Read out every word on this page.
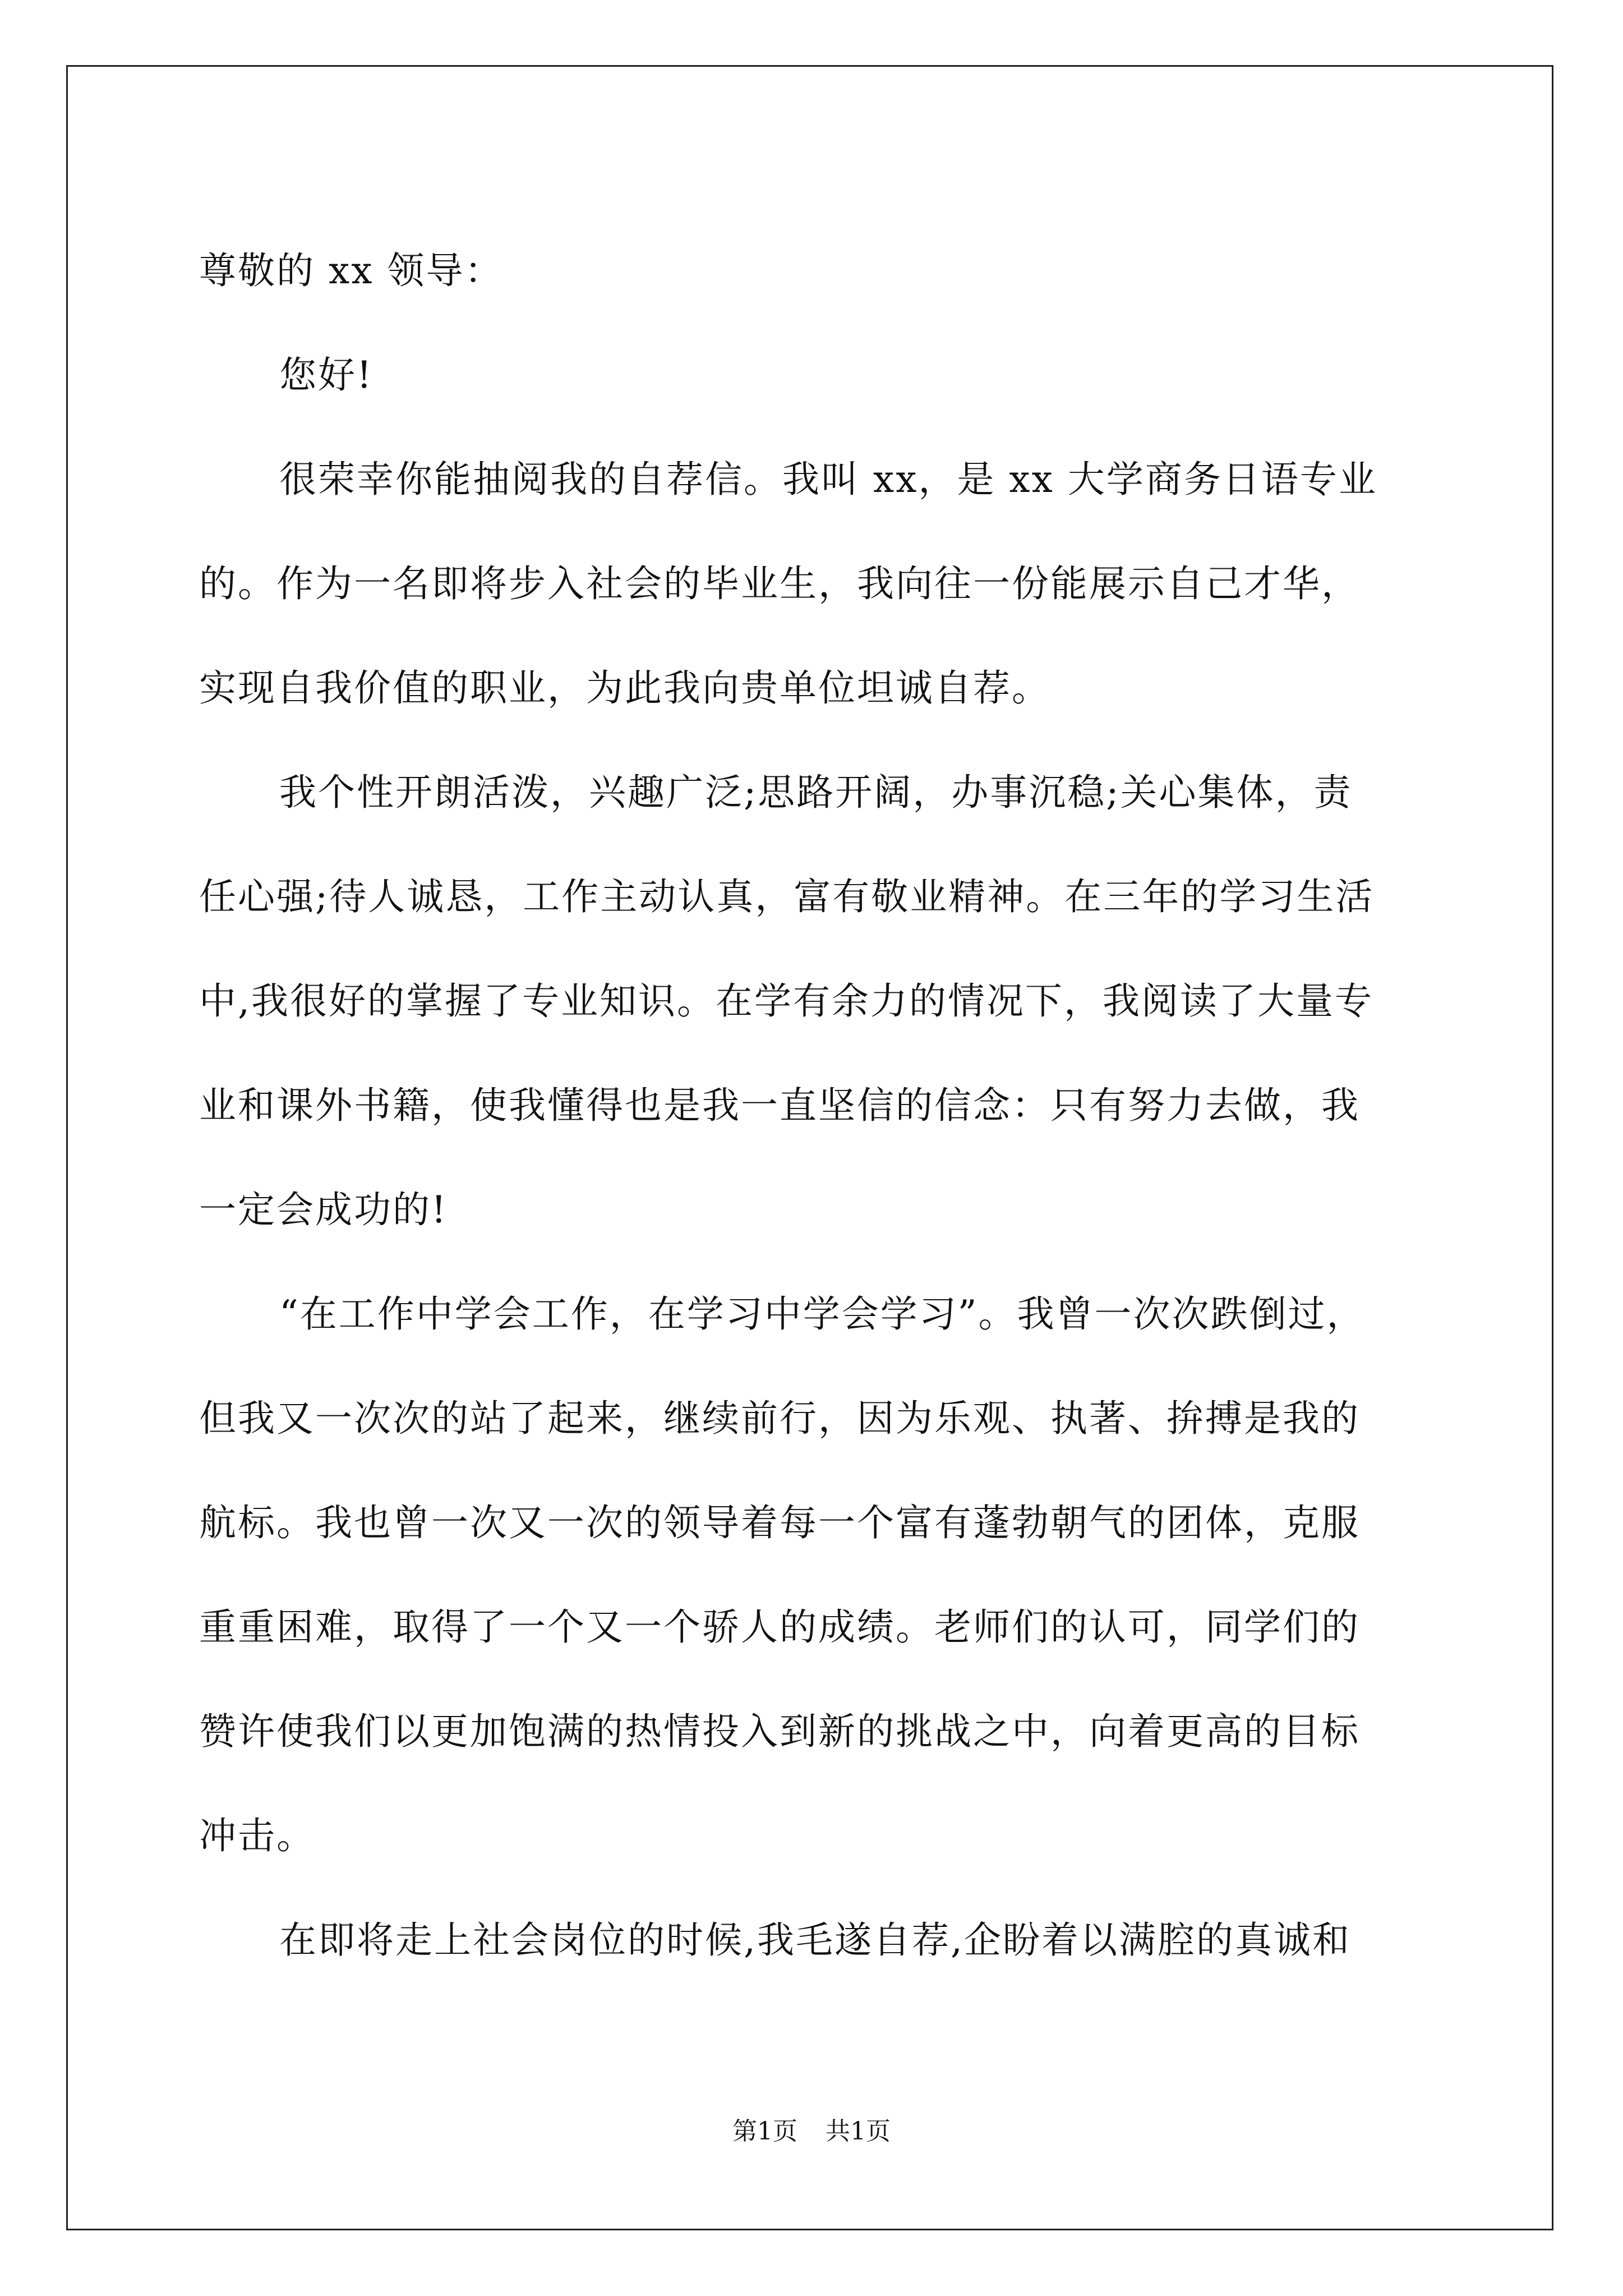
尊敬的 xx 领导：

您好!

很荣幸你能抽阅我的自荐信。我叫 xx，是 xx 大学商务日语专业

的。作为一名即将步入社会的毕业生，我向往一份能展示自己才华，

实现自我价值的职业，为此我向贵单位坦诚自荐。

我个性开朗活泼，兴趣广泛;思路开阔，办事沉稳;关心集体，责

任心强;待人诚恳，工作主动认真，富有敬业精神。在三年的学习生活

中,我很好的掌握了专业知识。在学有余力的情况下，我阅读了大量专

业和课外书籍，使我懂得也是我一直坚信的信念：只有努力去做，我

一定会成功的!

“在工作中学会工作，在学习中学会学习”。我曾一次次跌倒过，

但我又一次次的站了起来，继续前行，因为乐观、执著、拚搏是我的

航标。我也曾一次又一次的领导着每一个富有蓬勃朝气的团体，克服

重重困难，取得了一个又一个骄人的成绩。老师们的认可，同学们的

赞许使我们以更加饱满的热情投入到新的挑战之中，向着更高的目标

冲击。

在即将走上社会岗位的时候,我毛遂自荐,企盼着以满腔的真诚和

第1页 共1页
